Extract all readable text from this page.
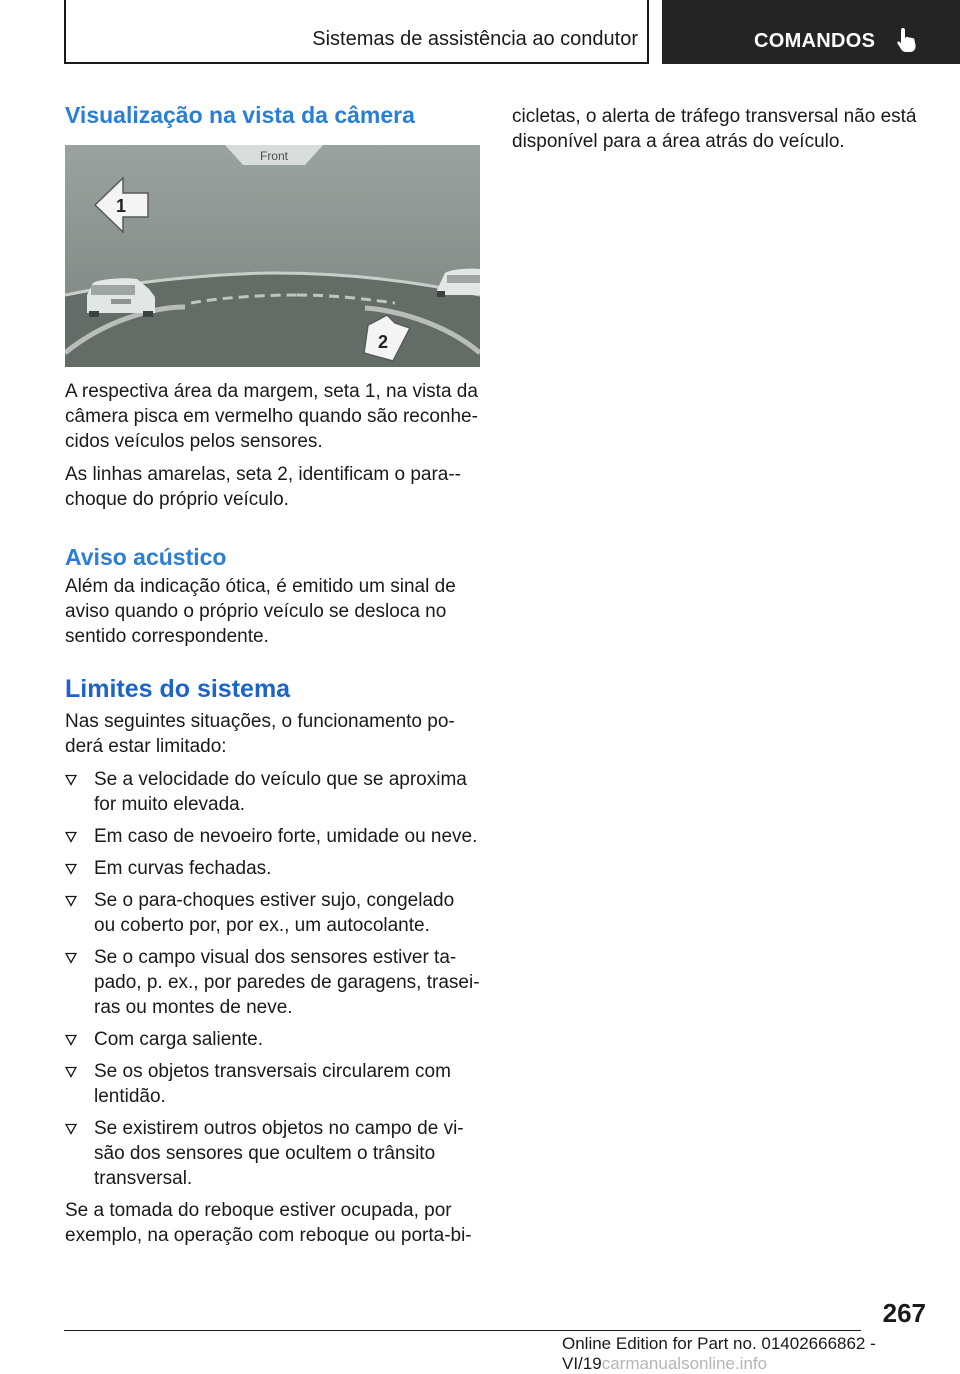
Sistemas de assistência ao condutor	COMANDOS
Visualização na vista da câmera
Front
1
2

A respectiva área da margem, seta 1, na vista da câmera pisca em vermelho quando são reconhe‐cidos veículos pelos sensores.

As linhas amarelas, seta 2, identificam o para‐-choque do próprio veículo.

Aviso acústico

Além da indicação ótica, é emitido um sinal de aviso quando o próprio veículo se desloca no sentido correspondente.

Limites do sistema

Nas seguintes situações, o funcionamento po‐derá estar limitado:

Se a velocidade do veículo que se aproxima for muito elevada.
Em caso de nevoeiro forte, umidade ou neve.
Em curvas fechadas.
Se o para-choques estiver sujo, congelado ou coberto por, por ex., um autocolante.
Se o campo visual dos sensores estiver ta‐pado, p. ex., por paredes de garagens, trasei‐ras ou montes de neve.
Com carga saliente.
Se os objetos transversais circularem com lentidão.
Se existirem outros objetos no campo de vi‐são dos sensores que ocultem o trânsito transversal.

Se a tomada do reboque estiver ocupada, por exemplo, na operação com reboque ou porta-bi‐

cicletas, o alerta de tráfego transversal não está disponível para a área atrás do veículo.

267
Online Edition for Part no. 01402666862 - VI/19carmanualsonline.info
